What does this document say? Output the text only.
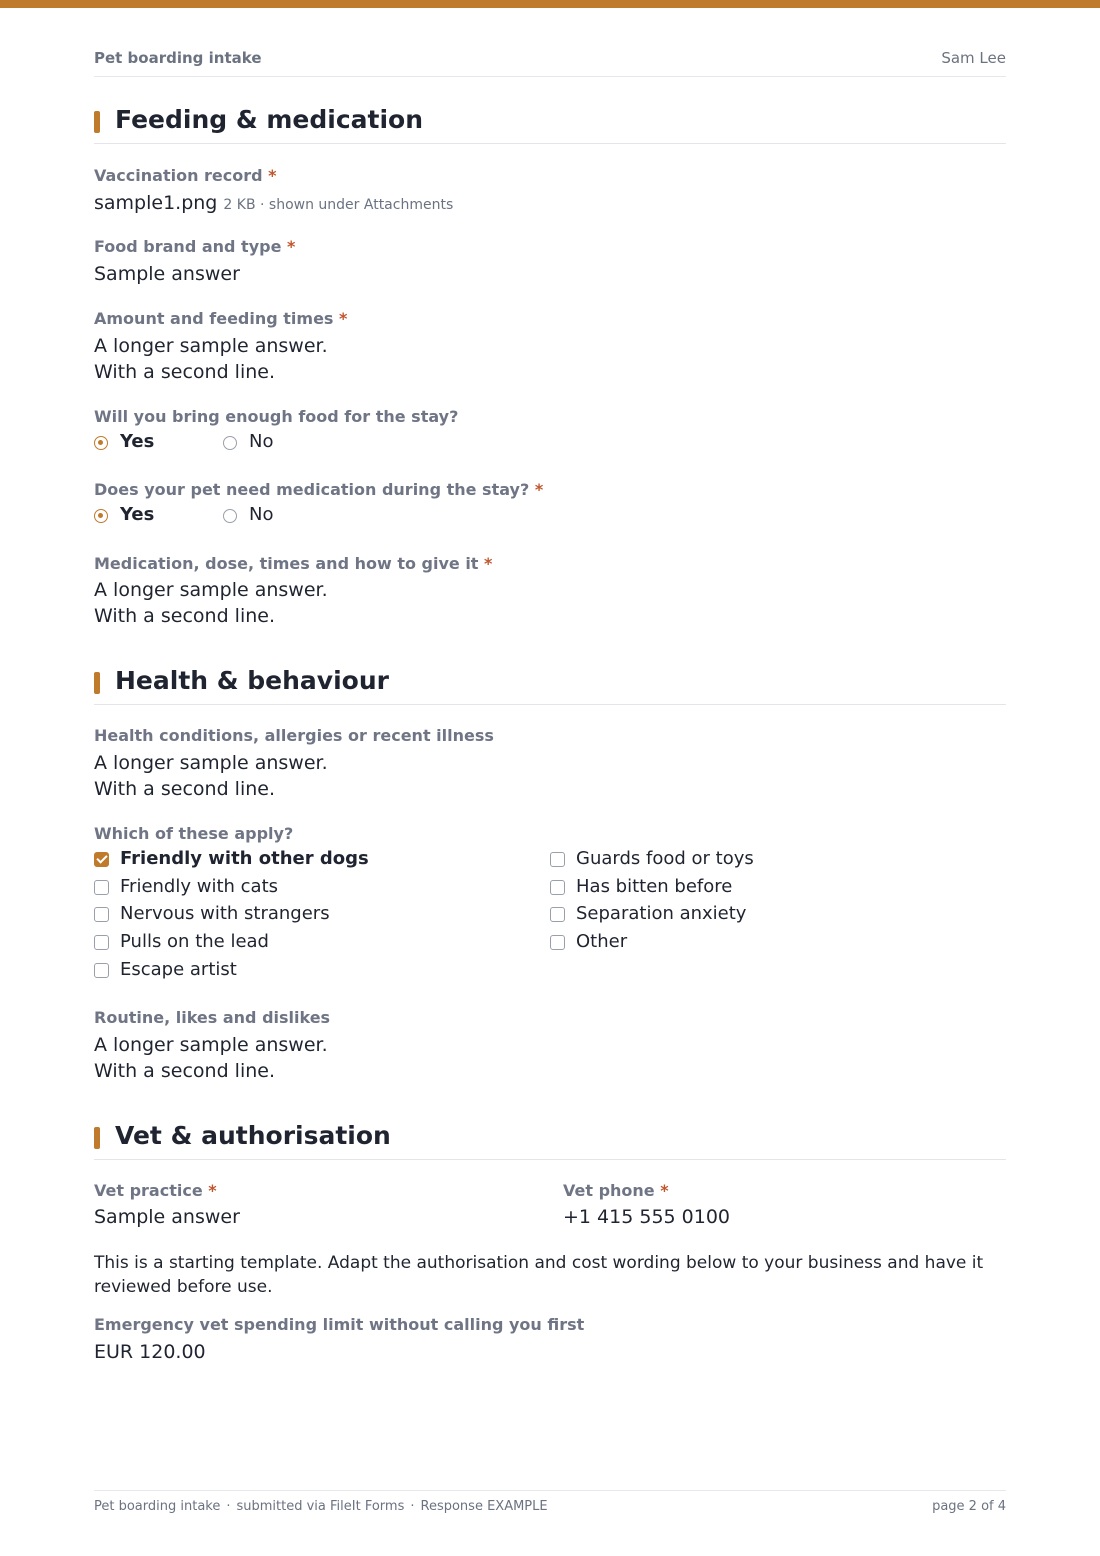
Pet boarding intake	Sam Lee
Feeding & medication
Vaccination record *
sample1.png 2 KB · shown under Attachments
Food brand and type *
Sample answer
Amount and feeding times *
A longer sample answer.
With a second line.
Will you bring enough food for the stay?
Yes	No
Does your pet need medication during the stay? *
Yes	No
Medication, dose, times and how to give it *
A longer sample answer.
With a second line.
Health & behaviour
Health conditions, allergies or recent illness
A longer sample answer.
With a second line.
Which of these apply?
Friendly with other dogs
Friendly with cats
Nervous with strangers
Pulls on the lead
Escape artist
Guards food or toys
Has bitten before
Separation anxiety
Other
Routine, likes and dislikes
A longer sample answer.
With a second line.
Vet & authorisation
Vet practice *
Sample answer
Vet phone *
+1 415 555 0100
This is a starting template. Adapt the authorisation and cost wording below to your business and have it reviewed before use.
Emergency vet spending limit without calling you first
EUR 120.00
Pet boarding intake · submitted via FileIt Forms · Response EXAMPLE	page 2 of 4
